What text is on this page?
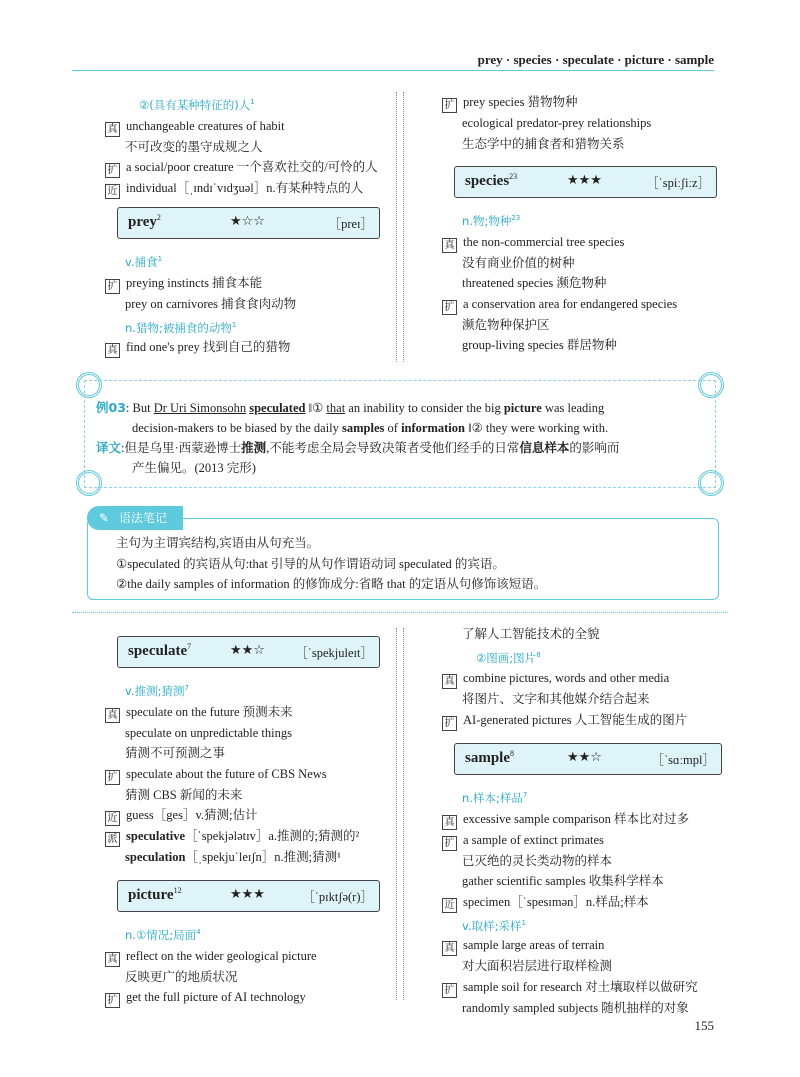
prey · species · speculate · picture · sample
②(具有某种特征的)人$^1$
真 unchangeable creatures of habit
不可改变的墨守成规之人
扩 a social/poor creature 一个喜欢社交的/可怜的人
近 individual［ˌɪndɪˈvɪdʒuəl］n.有某种特点的人
prey$^2$	★☆☆	［preɪ］
v.捕食$^1$
扩 preying instincts 捕食本能
prey on carnivores 捕食食肉动物
n.猎物;被捕食的动物$^1$
真 find one's prey 找到自己的猎物
扩 prey species 猎物物种
ecological predator-prey relationships
生态学中的捕食者和猎物关系
species$^{23}$	★★★	［ˈspiːʃiːz］
n.物;物种$^{23}$
真 the non-commercial tree species
没有商业价值的树种
threatened species 濒危物种
扩 a conservation area for endangered species
濒危物种保护区
group-living species 群居物种
例03: But Dr Uri Simonsohn speculated ‖① that an inability to consider the big picture was leading
decision-makers to be biased by the daily samples of information ‖② they were working with.
译文:但是乌里·西蒙逊博士推测,不能考虑全局会导致决策者受他们经手的日常信息样本的影响而
产生偏见。(2013 完形)
✎ 语法笔记
主句为主谓宾结构,宾语由从句充当。
①speculated 的宾语从句:that 引导的从句作谓语动词 speculated 的宾语。
②the daily samples of information 的修饰成分:省略 that 的定语从句修饰该短语。
speculate$^7$	★★☆ ［ˈspekjuleɪt］
v.推测;猜测$^7$
真 speculate on the future 预测未来
speculate on unpredictable things
猜测不可预测之事
扩 speculate about the future of CBS News
猜测 CBS 新闻的未来
近 guess［ges］v.猜测;估计
派 speculative［ˈspekjələtɪv］a.推测的;猜测的²
speculation［ˌspekjuˈleɪʃn］n.推测;猜测¹
picture$^{12}$	★★★	［ˈpɪktʃə(r)］
n.①情况;局面$^4$
真 reflect on the wider geological picture
反映更广的地质状况
扩 get the full picture of AI technology
了解人工智能技术的全貌
②图画;图片$^8$
真 combine pictures, words and other media
将图片、文字和其他媒介结合起来
扩 AI-generated pictures 人工智能生成的图片
sample$^8$	★★☆	［ˈsɑːmpl］
n.样本;样品$^7$
真 excessive sample comparison 样本比对过多
扩 a sample of extinct primates
已灭绝的灵长类动物的样本
gather scientific samples 收集科学样本
近 specimen［ˈspesɪmən］n.样品;样本
v.取样;采样$^1$
真 sample large areas of terrain
对大面积岩层进行取样检测
扩 sample soil for research 对土壤取样以做研究
randomly sampled subjects 随机抽样的对象
155
